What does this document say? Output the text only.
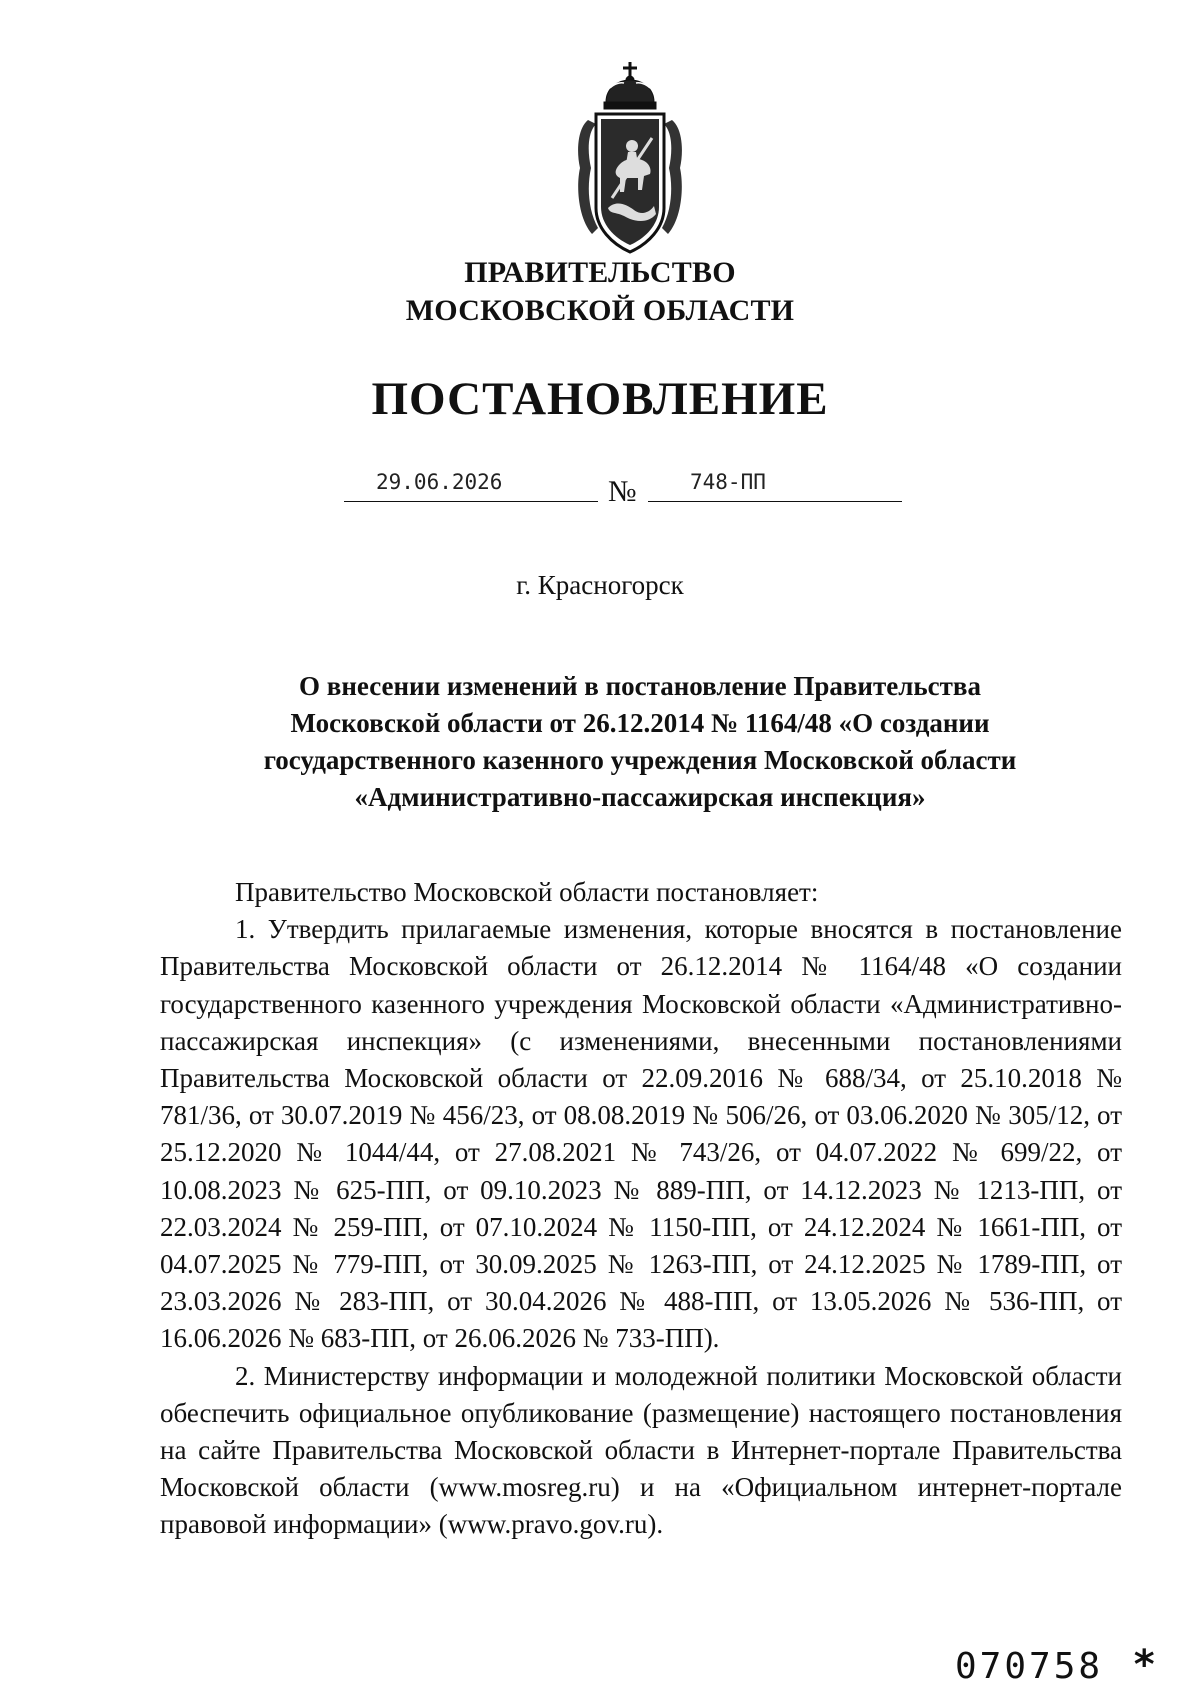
ПРАВИТЕЛЬСТВО
МОСКОВСКОЙ ОБЛАСТИ
ПОСТАНОВЛЕНИЕ
29.06.2026	№	748-ПП
г. Красногорск
О внесении изменений в постановление Правительства
Московской области от 26.12.2014 № 1164/48 «О создании
государственного казенного учреждения Московской области
«Административно-пассажирская инспекция»

Правительство Московской области постановляет:

1. Утвердить прилагаемые изменения, которые вносятся в постановление Правительства Московской области от 26.12.2014 № 1164/48 «О создании государственного казенного учреждения Московской области «Административно-пассажирская инспекция» (с изменениями, внесенными постановлениями Правительства Московской области от 22.09.2016 № 688/34, от 25.10.2018 № 781/36, от 30.07.2019 № 456/23, от 08.08.2019 № 506/26, от 03.06.2020 № 305/12, от 25.12.2020 № 1044/44, от 27.08.2021 № 743/26, от 04.07.2022 № 699/22, от 10.08.2023 № 625-ПП, от 09.10.2023 № 889-ПП, от 14.12.2023 № 1213-ПП, от 22.03.2024 № 259-ПП, от 07.10.2024 № 1150-ПП, от 24.12.2024 № 1661-ПП, от 04.07.2025 № 779-ПП, от 30.09.2025 № 1263-ПП, от 24.12.2025 № 1789-ПП, от 23.03.2026 № 283-ПП, от 30.04.2026 № 488-ПП, от 13.05.2026 № 536-ПП, от 16.06.2026 № 683-ПП, от 26.06.2026 № 733-ПП).

2. Министерству информации и молодежной политики Московской области обеспечить официальное опубликование (размещение) настоящего постановления на сайте Правительства Московской области в Интернет-портале Правительства Московской области (www.mosreg.ru) и на «Официальном интернет-портале правовой информации» (www.pravo.gov.ru).

070758 *
